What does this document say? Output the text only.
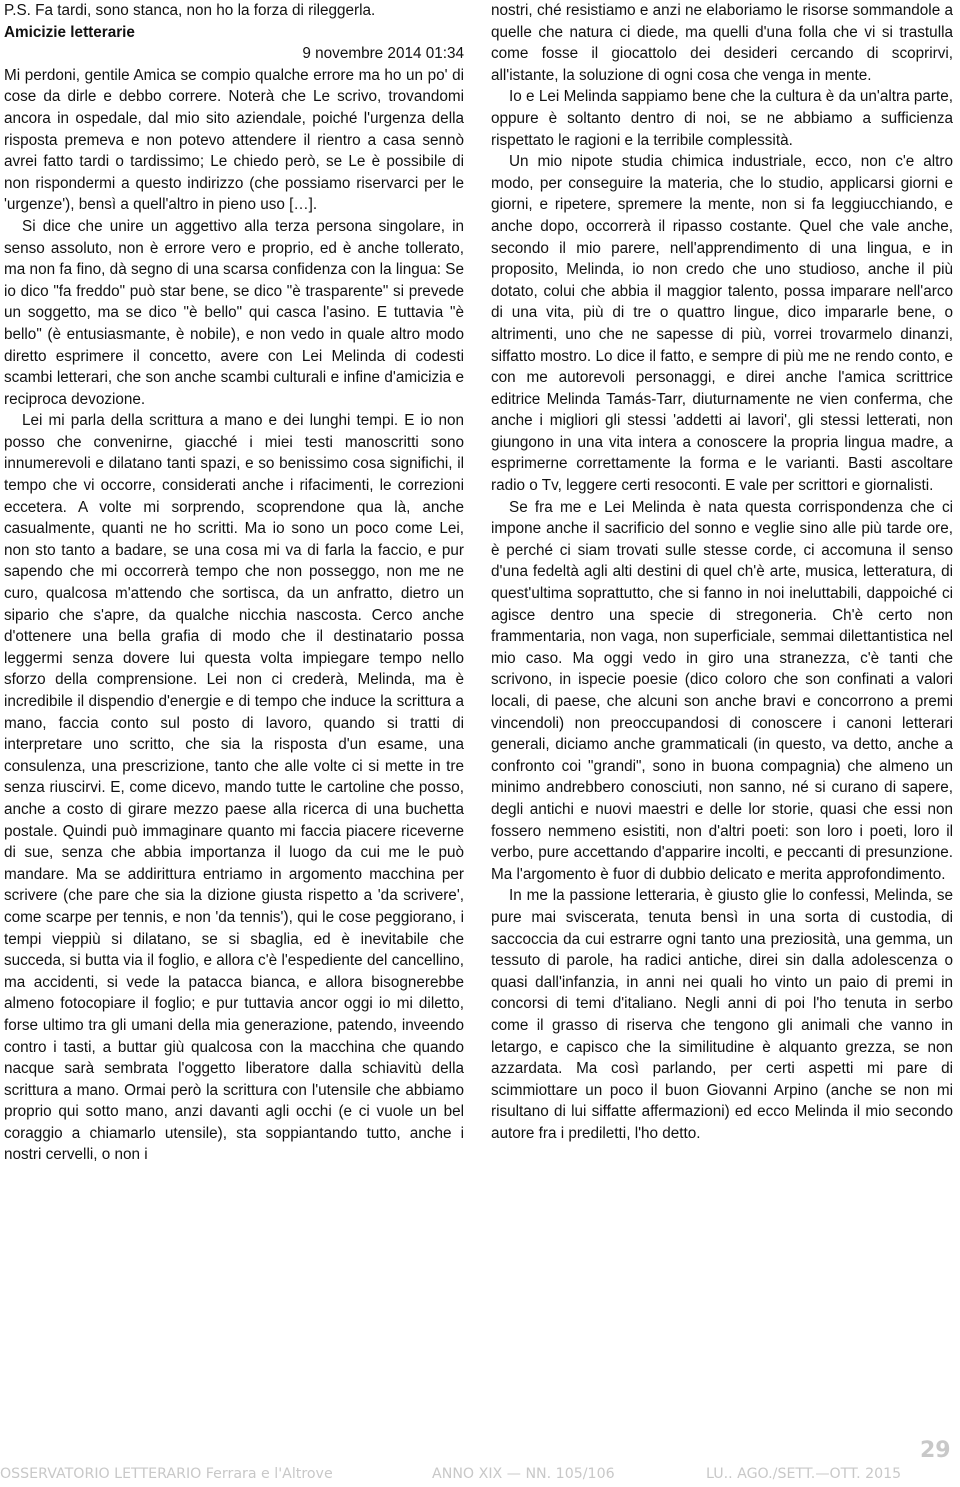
P.S. Fa tardi, sono stanca, non ho la forza di rileggerla.

Amicizie letterarie

9 novembre 2014 01:34

Mi perdoni, gentile Amica se compio qualche errore ma ho un po' di cose da dirle e debbo correre. Noterà che Le scrivo, trovandomi ancora in ospedale, dal mio sito aziendale, poiché l'urgenza della risposta premeva e non potevo attendere il rientro a casa sennò avrei fatto tardi o tardissimo; Le chiedo però, se Le è possibile di non rispondermi a questo indirizzo (che possiamo riservarci per le 'urgenze'), bensì a quell'altro in pieno uso […].

Si dice che unire un aggettivo alla terza persona singolare, in senso assoluto, non è errore vero e proprio, ed è anche tollerato, ma non fa fino, dà segno di una scarsa confidenza con la lingua: Se io dico "fa freddo" può star bene, se dico "è trasparente" si prevede un soggetto, ma se dico "è bello" qui casca l'asino. E tuttavia "è bello" (è entusiasmante, è nobile), e non vedo in quale altro modo diretto esprimere il concetto, avere con Lei Melinda di codesti scambi letterari, che son anche scambi culturali e infine d'amicizia e reciproca devozione.

Lei mi parla della scrittura a mano e dei lunghi tempi. E io non posso che convenirne, giacché i miei testi manoscritti sono innumerevoli e dilatano tanti spazi, e so benissimo cosa significhi, il tempo che vi occorre, considerati anche i rifacimenti, le correzioni eccetera. A volte mi sorprendo, scoprendone qua là, anche casualmente, quanti ne ho scritti. Ma io sono un poco come Lei, non sto tanto a badare, se una cosa mi va di farla la faccio, e pur sapendo che mi occorrerà tempo che non posseggo, non me ne curo, qualcosa m'attendo che sortisca, da un anfratto, dietro un sipario che s'apre, da qualche nicchia nascosta. Cerco anche d'ottenere una bella grafia di modo che il destinatario possa leggermi senza dovere lui questa volta impiegare tempo nello sforzo della comprensione. Lei non ci crederà, Melinda, ma è incredibile il dispendio d'energie e di tempo che induce la scrittura a mano, faccia conto sul posto di lavoro, quando si tratti di interpretare uno scritto, che sia la risposta d'un esame, una consulenza, una prescrizione, tanto che alle volte ci si mette in tre senza riuscirvi. E, come dicevo, mando tutte le cartoline che posso, anche a costo di girare mezzo paese alla ricerca di una buchetta postale. Quindi può immaginare quanto mi faccia piacere riceverne di sue, senza che abbia importanza il luogo da cui me le può mandare. Ma se addirittura entriamo in argomento macchina per scrivere (che pare che sia la dizione giusta rispetto a 'da scrivere', come scarpe per tennis, e non 'da tennis'), qui le cose peggiorano, i tempi vieppiù si dilatano, se si sbaglia, ed è inevitabile che succeda, si butta via il foglio, e allora c'è l'espediente del cancellino, ma accidenti, si vede la patacca bianca, e allora bisognerebbe almeno fotocopiare il foglio; e pur tuttavia ancor oggi io mi diletto, forse ultimo tra gli umani della mia generazione, patendo, inveendo contro i tasti, a buttar giù qualcosa con la macchina che quando nacque sarà sembrata l'oggetto liberatore dalla schiavitù della scrittura a mano. Ormai però la scrittura con l'utensile che abbiamo proprio qui sotto mano, anzi davanti agli occhi (e ci vuole un bel coraggio a chiamarlo utensile), sta soppiantando tutto, anche i nostri cervelli, o non i

nostri, ché resistiamo e anzi ne elaboriamo le risorse sommandole a quelle che natura ci diede, ma quelli d'una folla che vi si trastulla come fosse il giocattolo dei desideri cercando di scoprirvi, all'istante, la soluzione di ogni cosa che venga in mente.

Io e Lei Melinda sappiamo bene che la cultura è da un'altra parte, oppure è soltanto dentro di noi, se ne abbiamo a sufficienza rispettato le ragioni e la terribile complessità.

Un mio nipote studia chimica industriale, ecco, non c'e altro modo, per conseguire la materia, che lo studio, applicarsi giorni e giorni, e ripetere, spremere la mente, non si fa leggiucchiando, e anche dopo, occorrerà il ripasso costante. Quel che vale anche, secondo il mio parere, nell'apprendimento di una lingua, e in proposito, Melinda, io non credo che uno studioso, anche il più dotato, colui che abbia il maggior talento, possa imparare nell'arco di una vita, più di tre o quattro lingue, dico impararle bene, o altrimenti, uno che ne sapesse di più, vorrei trovarmelo dinanzi, siffatto mostro. Lo dice il fatto, e sempre di più me ne rendo conto, e con me autorevoli personaggi, e direi anche l'amica scrittrice editrice Melinda Tamás-Tarr, diuturnamente ne vien conferma, che anche i migliori gli stessi 'addetti ai lavori', gli stessi letterati, non giungono in una vita intera a conoscere la propria lingua madre, a esprimerne correttamente la forma e le varianti. Basti ascoltare radio o Tv, leggere certi resoconti. E vale per scrittori e giornalisti.

Se fra me e Lei Melinda è nata questa corrispondenza che ci impone anche il sacrificio del sonno e veglie sino alle più tarde ore, è perché ci siam trovati sulle stesse corde, ci accomuna il senso d'una fedeltà agli alti destini di quel ch'è arte, musica, letteratura, di quest'ultima soprattutto, che si fanno in noi ineluttabili, dappoiché ci agisce dentro una specie di stregoneria. Ch'è certo non frammentaria, non vaga, non superficiale, semmai dilettantistica nel mio caso. Ma oggi vedo in giro una stranezza, c'è tanti che scrivono, in ispecie poesie (dico coloro che son confinati a valori locali, di paese, che alcuni son anche bravi e concorrono a premi vincendoli) non preoccupandosi di conoscere i canoni letterari generali, diciamo anche grammaticali (in questo, va detto, anche a confronto coi "grandi", sono in buona compagnia) che almeno un minimo andrebbero conosciuti, non sanno, né si curano di sapere, degli antichi e nuovi maestri e delle lor storie, quasi che essi non fossero nemmeno esistiti, non d'altri poeti: son loro i poeti, loro il verbo, pure accettando d'apparire incolti, e peccanti di presunzione. Ma l'argomento è fuor di dubbio delicato e merita approfondimento.

In me la passione letteraria, è giusto glie lo confessi, Melinda, se pure mai sviscerata, tenuta bensì in una sorta di custodia, di saccoccia da cui estrarre ogni tanto una preziosità, una gemma, un tessuto di parole, ha radici antiche, direi sin dalla adolescenza o quasi dall'infanzia, in anni nei quali ho vinto un paio di premi in concorsi di temi d'italiano. Negli anni di poi l'ho tenuta in serbo come il grasso di riserva che tengono gli animali che vanno in letargo, e capisco che la similitudine è alquanto grezza, se non azzardata. Ma così parlando, per certi aspetti mi pare di scimmiottare un poco il buon Giovanni Arpino (anche se non mi risultano di lui siffatte affermazioni) ed ecco Melinda il mio secondo autore fra i prediletti, l'ho detto.

29
OSSERVATORIO LETTERARIO Ferrara e l'Altrove	ANNO XIX — NN. 105/106	LU.. AGO./SETT.—OTT. 2015
